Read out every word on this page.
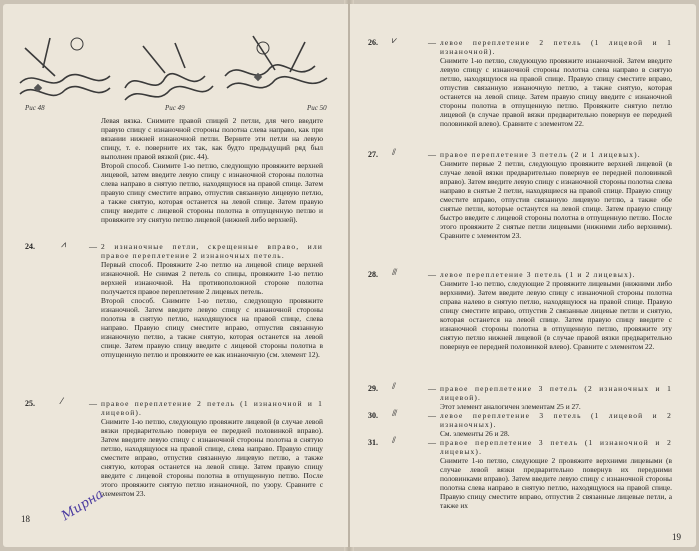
Рис 48	Рис 49	Рис 50

Левая вязка. Снимите правой спицей 2 петли, для чего введите правую спицу с изнаночной стороны полотна слева направо, как при вязании нижней изнаночной петли. Верните эти петли на левую спицу, т. е. поверните их так, как будто предыдущий ряд был выполнен правой вязкой (рис. 44).

Второй способ. Снимите 1-ю петлю, следующую провяжите верхней лицевой, затем введите левую спицу с изнаночной стороны полотна слева направо в снятую петлю, находящуюся на правой спице. Затем правую спицу сместите вправо, отпустив связанную лицевую петлю, а также снятую, которая останется на левой спице. Затем правую спицу введите с лицевой стороны полотна в отпущенную петлю и провяжите эту снятую петлю лицевой (нижней либо верхней).

24.	⩘	— 2 изнаночные петли, скрещенные вправо, или правое переплетение 2 изнаночных петель.

Первый способ. Провяжите 2-ю петлю на лицевой спице верхней изнаночной. Не снимая 2 петель со спицы, провяжите 1-ю петлю верхней изнаночной. На противоположной стороне полотна получается правое переплетение 2 лицевых петель.

Второй способ. Снимите 1-ю петлю, следующую провяжите изнаночной. Затем введите левую спицу с изнаночной стороны полотна в снятую петлю, находящуюся на правой спице, слева направо. Правую спицу сместите вправо, отпустив связанную изнаночную петлю, а также снятую, которая останется на левой спице. Затем правую спицу введите с лицевой стороны полотна в отпущенную петлю и провяжите ее как изнаночную (см. элемент 12).

25.	⁄	— правое переплетение 2 петель (1 изнаночной и 1 лицевой).

Снимите 1-ю петлю, следующую провяжите лицевой (в случае левой вязки предварительно повернув ее передней половинкой вправо). Затем введите левую спицу с изнаночной стороны полотна в снятую петлю, находящуюся на правой спице, слева направо. Правую спицу сместите вправо, отпустив связанную лицевую петлю, а также снятую, которая останется на левой спице. Затем правую спицу введите с лицевой стороны полотна в отпущенную петлю. После этого провяжите снятую петлю изнаночной, по узору. Сравните с элементом 23.

18 Мирна
26. ⩗	— левое переплетение 2 петель (1 лицевой и 1 изнаночной).

Снимите 1-ю петлю, следующую провяжите изнаночной. Затем введите левую спицу с изнаночной стороны полотна слева направо в снятую петлю, находящуюся на правой спице. Правую спицу сместите вправо, отпустив связанную изнаночную петлю, а также снятую, которая останется на левой спице. Затем правую спицу введите с изнаночной стороны полотна в отпущенную петлю. Провяжите снятую петлю лицевой (в случае правой вязки предварительно повернув ее передней половинкой влево). Сравните с элементом 22.

27. ⫽	— правое переплетение 3 петель (2 и 1 лицевых).

Снимите первые 2 петли, следующую провяжите верхней лицевой (в случае левой вязки предварительно повернув ее передней половинкой вправо). Затем введите левую спицу с изнаночной стороны полотна слева направо в снятые 2 петли, находящиеся на правой спице. Правую спицу сместите вправо, отпустив связанную лицевую петлю, а также обе снятые петли, которые останутся на левой спице. Затем правую спицу быстро введите с лицевой стороны полотна в отпущенную петлю. После этого провяжите 2 снятые петли лицевыми (нижними либо верхними). Сравните с элементом 23.

28. ⫻	— левое переплетение 3 петель (1 и 2 лицевых).

Снимите 1-ю петлю, следующие 2 провяжите лицевыми (нижними либо верхними). Затем введите левую спицу с изнаночной стороны полотна справа налево в снятую петлю, находящуюся на правой спице. Правую спицу сместите вправо, отпустив 2 связанные лицевые петли и снятую, которая останется на левой спице. Затем правую спицу введите с изнаночной стороны полотна в отпущенную петлю, провяжите эту снятую петлю нижней лицевой (в случае правой вязки предварительно повернув ее передней половинкой влево). Сравните с элементом 22.

29. ⫽	— правое переплетение 3 петель (2 изнаночных и 1 лицевой).

Этот элемент аналогичен элементам 25 и 27.

30. ⫻	— левое переплетение 3 петель (1 лицевой и 2 изнаночных).

См. элементы 26 и 28.

31. ⫽	— правое переплетение 3 петель (1 изнаночной и 2 лицевых).

Снимите 1-ю петлю, следующие 2 провяжите верхними лицевыми (в случае левой вязки предварительно повернув их передними половинками вправо). Затем введите левую спицу с изнаночной стороны полотна слева направо в снятую петлю, находящуюся на правой спице. Правую спицу сместите вправо, отпустив 2 связанные лицевые петли, а также их

19
